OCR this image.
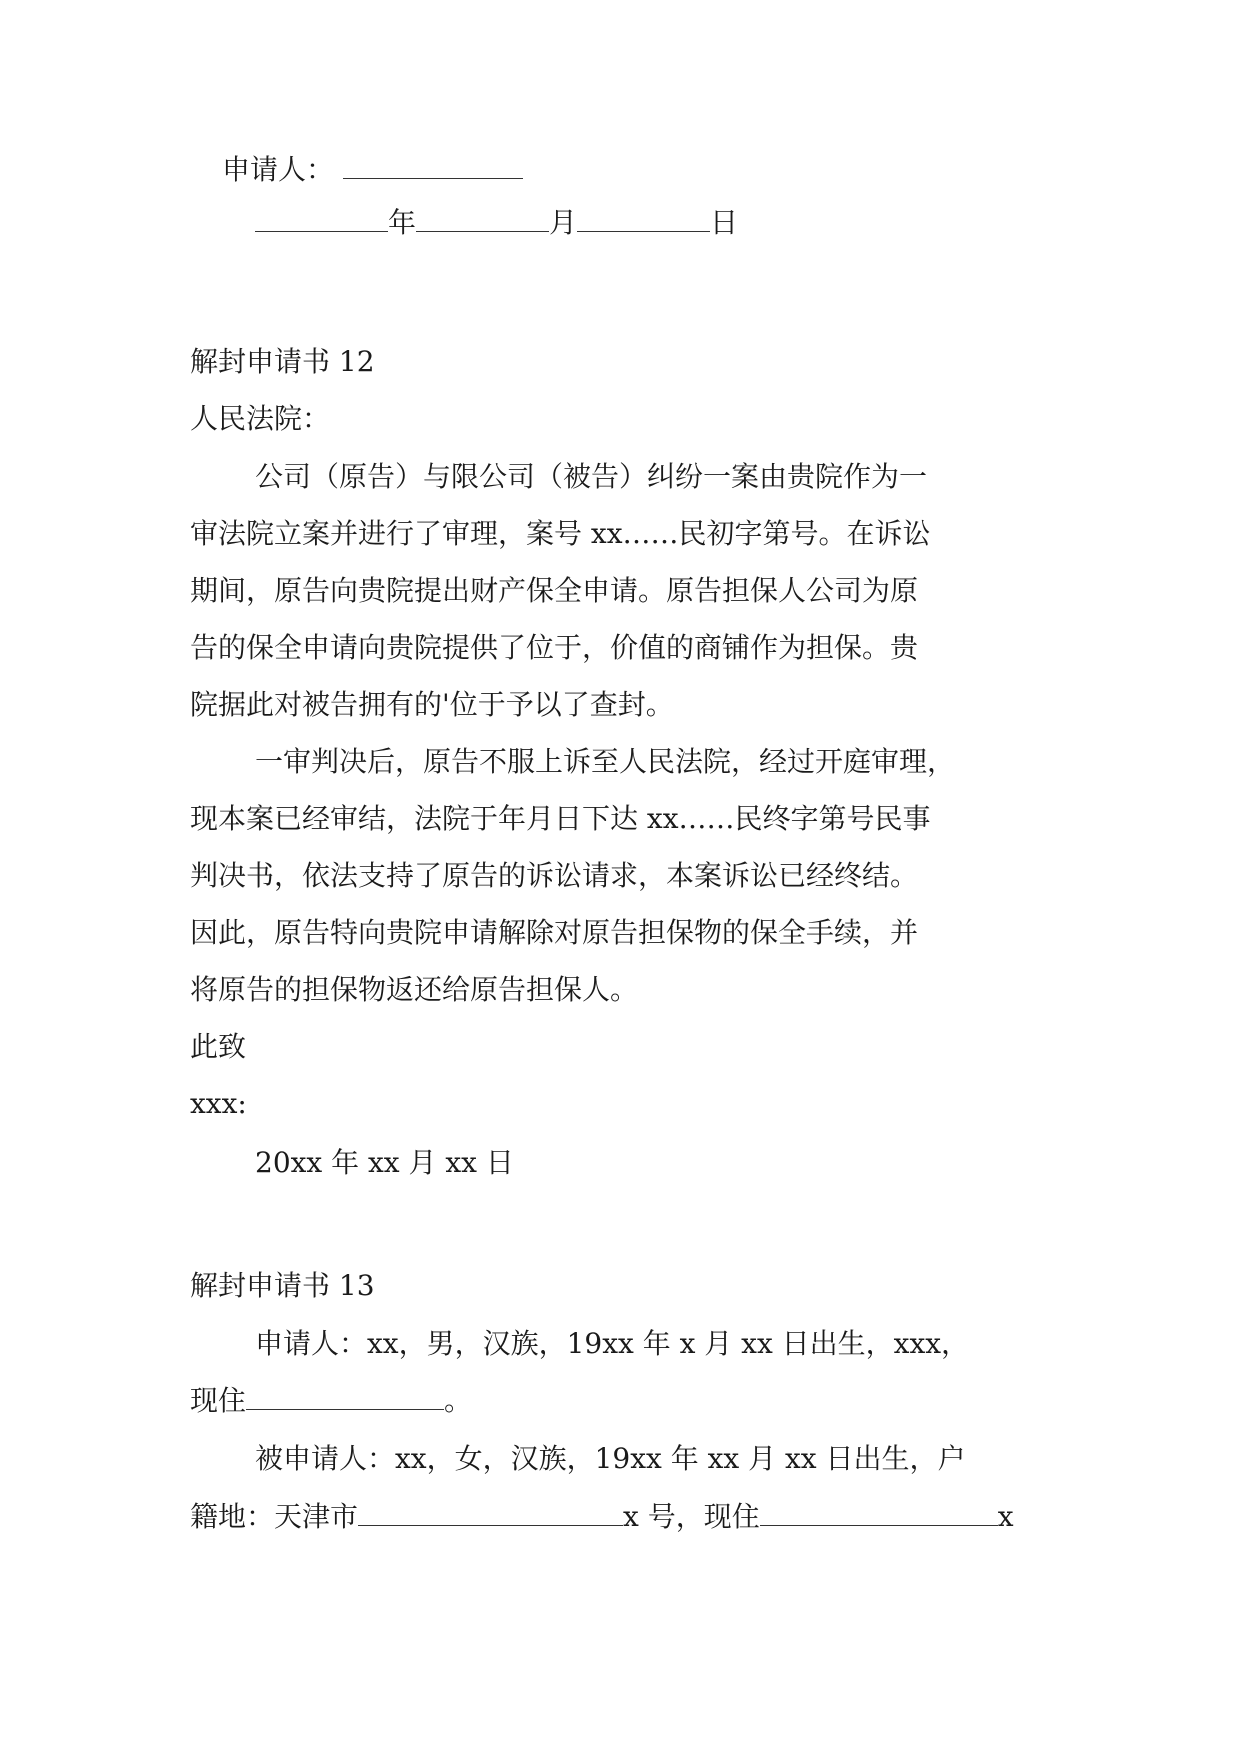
申请人：
年	月	日
解封申请书 12
人民法院：
公司（原告）与限公司（被告）纠纷一案由贵院作为一
审法院立案并进行了审理，案号 xx……民初字第号。在诉讼
期间，原告向贵院提出财产保全申请。原告担保人公司为原
告的保全申请向贵院提供了位于，价值的商铺作为担保。贵
院据此对被告拥有的'位于予以了查封。
一审判决后，原告不服上诉至人民法院，经过开庭审理，
现本案已经审结，法院于年月日下达 xx……民终字第号民事
判决书，依法支持了原告的诉讼请求，本案诉讼已经终结。
因此，原告特向贵院申请解除对原告担保物的保全手续，并
将原告的担保物返还给原告担保人。
此致
xxx:
20xx 年 xx 月 xx 日
解封申请书 13
申请人：xx，男，汉族，19xx 年 x 月 xx 日出生，xxx，
现住	。
被申请人：xx，女，汉族，19xx 年 xx 月 xx 日出生，户
籍地：天津市	x 号，现住	x
